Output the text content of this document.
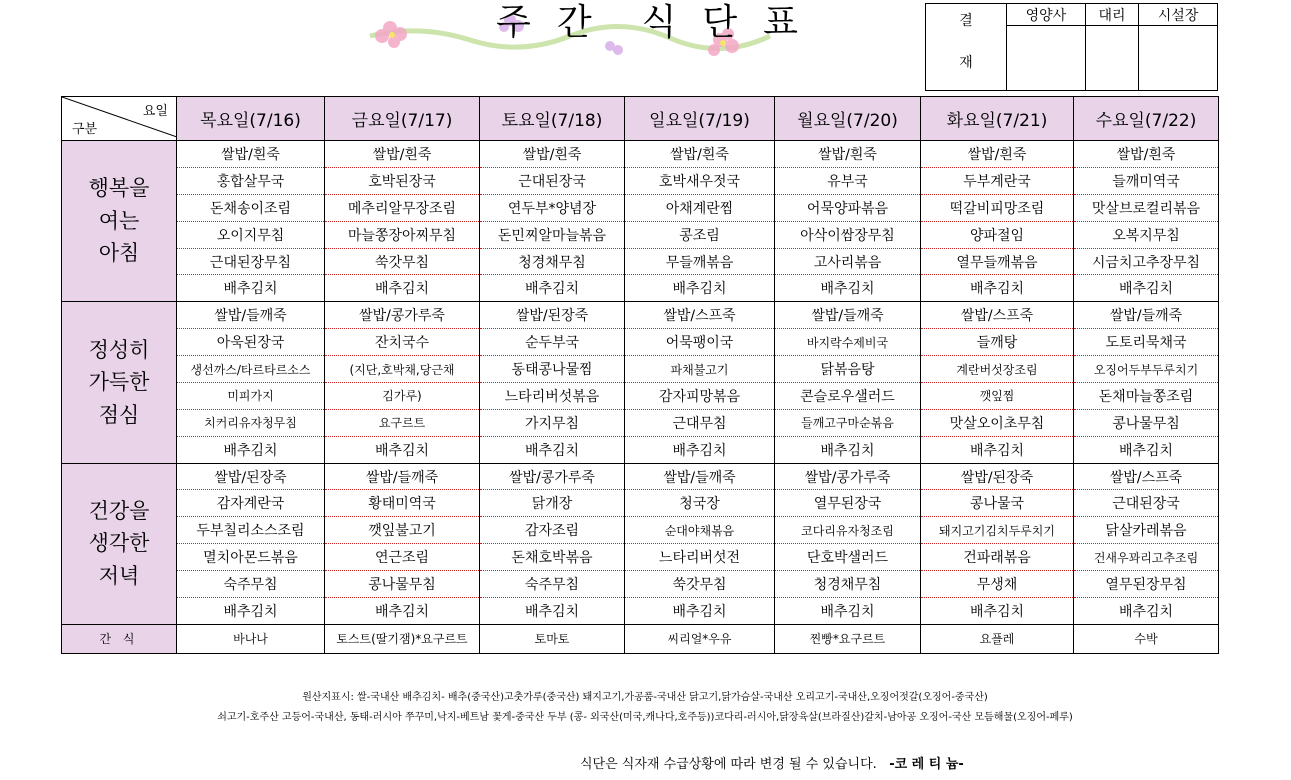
주 간 식 단 표	결
재	영양사	대리	시설장

요일
구분	목요일(7/16)	금요일(7/17)	토요일(7/18)	일요일(7/19)	월요일(7/20)	화요일(7/21)	수요일(7/22)

행복을
여는
아침	쌀밥/흰죽	쌀밥/흰죽	쌀밥/흰죽	쌀밥/흰죽	쌀밥/흰죽	쌀밥/흰죽	쌀밥/흰죽
	홍합살무국	호박된장국	근대된장국	호박새우젓국	유부국	두부계란국	들깨미역국
	돈채송이조림	메추리알무장조림	연두부*양념장	아채계란찜	어묵양파볶음	떡갈비피망조림	맛살브로컬리볶음
	오이지무침	마늘쫑장아찌무침	돈민찌알마늘볶음	콩조림	아삭이쌈장무침	양파절임	오복지무침
	근대된장무침	쑥갓무침	청경채무침	무들깨볶음	고사리볶음	열무들깨볶음	시금치고추장무침
	배추김치	배추김치	배추김치	배추김치	배추김치	배추김치	배추김치

정성히
가득한
점심	쌀밥/들깨죽	쌀밥/콩가루죽	쌀밥/된장죽	쌀밥/스프죽	쌀밥/들깨죽	쌀밥/스프죽	쌀밥/들깨죽
	아욱된장국	잔치국수	순두부국	어묵팽이국	바지락수제비국	들깨탕	도토리묵채국
	생선까스/타르타르소스	(지단,호박채,당근채	동태콩나물찜	파채불고기	닭볶음탕	계란버섯장조림	오징어두부두루치기
	미피가지	김가루)	느타리버섯볶음	감자피망볶음	콘슬로우샐러드	깻잎찜	돈채마늘쫑조림
	치커리유자청무침	요구르트	가지무침	근대무침	들깨고구마순볶음	맛살오이초무침	콩나물무침
	배추김치	배추김치	배추김치	배추김치	배추김치	배추김치	배추김치

건강을
생각한
저녁	쌀밥/된장죽	쌀밥/들깨죽	쌀밥/콩가루죽	쌀밥/들깨죽	쌀밥/콩가루죽	쌀밥/된장죽	쌀밥/스프죽
	감자계란국	황태미역국	닭개장	청국장	열무된장국	콩나물국	근대된장국
	두부칠리소스조림	깻잎불고기	감자조림	순대야채볶음	코다리유자청조림	돼지고기김치두루치기	닭살카레볶음
	멸치아몬드볶음	연근조림	돈채호박볶음	느타리버섯전	단호박샐러드	건파래볶음	건새우꽈리고추조림
	숙주무침	콩나물무침	숙주무침	쑥갓무침	청경채무침	무생채	열무된장무침
	배추김치	배추김치	배추김치	배추김치	배추김치	배추김치	배추김치
간 식	바나나	토스트(딸기잼)*요구르트	토마토	씨리얼*우유	찐빵*요구르트	요플레	수박
원산지표시: 쌀-국내산 배추김치- 배추(중국산)고춧가루(중국산) 돼지고기,가공품-국내산 닭고기,닭가슴살-국내산 오리고기-국내산,오징어젓갈(오징어-중국산)
쇠고기-호주산 고등어-국내산, 동태-러시아 쭈꾸미,낙지-베트남 꽃게-중국산 두부 (콩- 외국산(미국,캐나다,호주등))코다리-러시아,닭장육살(브라질산)갈치-남아공 오징어-국산 모듬해물(오징어-페루)
식단은 식자재 수급상황에 따라 변경 될 수 있습니다. -코 레 티 늄-
